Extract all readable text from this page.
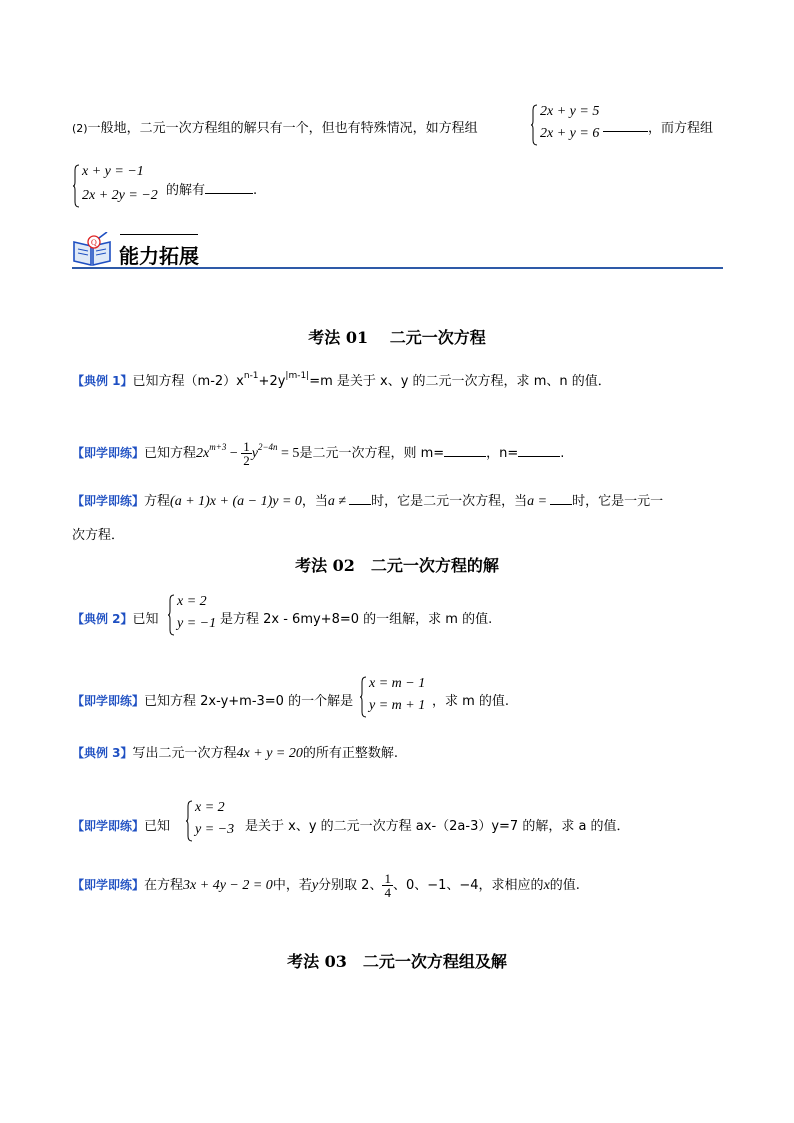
(2)一般地，二元一次方程组的解只有一个，但也有特殊情况，如方程组
2x + y = 5
2x + y = 6	，而方程组
x + y = −1
2x + 2y = −2 的解有	.
Q
能力拓展
考法 01　 二元一次方程
【典例 1】已知方程$(m-2)x^{n-1}+2y^{|m-1|}=m$ 是关于 x、y 的二元一次方程，求 m、n 的值．
【即学即练】已知方程$2x^{m+3} - \frac{1}{2} y^{2-4n} = 5$是二元一次方程，则 m=	，n=	.
【即学即练】方程(a + 1)x + (a − 1)y = 0，当a ≠ 时，它是二元一次方程，当a = 时，它是一元一
次方程．
考法 02　二元一次方程的解
【典例 2】已知
x = 2
y = −1 是方程 2x - 6my+8=0 的一组解，求 m 的值.
【即学即练】已知方程 2x-y+m-3=0 的一个解是
x = m − 1
y = m + 1 ，求 m 的值.
【典例 3】写出二元一次方程4x + y = 20的所有正整数解.
【即学即练】已知
x = 2
y = −3 是关于 x、y 的二元一次方程 ax-（2a-3）y=7 的解，求 a 的值．
【即学即练】在方程3x + 4y − 2 = 0中，若y分别取 2、 $\frac{1}{4}$ 、0、−1、−4，求相应的x的值.
考法 03　二元一次方程组及解
